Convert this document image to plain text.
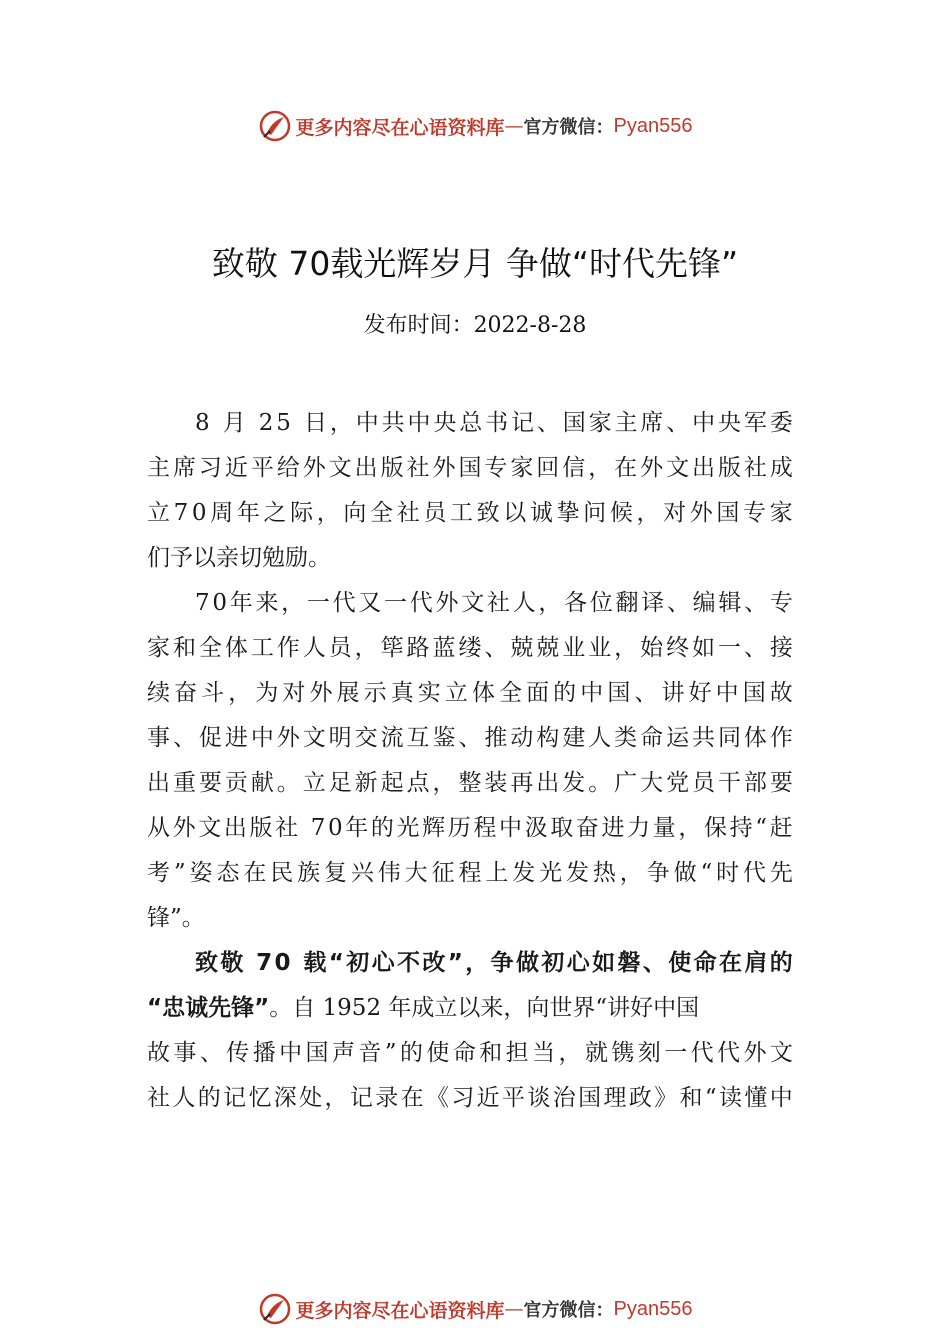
更多内容尽在心语资料库 — 官方微信： Pyan556
致敬 70载光辉岁月 争做“时代先锋”
发布时间：2022-8-28
8
月
2 5
日 ， 中 共 中 央 总 书 记 、 国 家 主 席 、 中 央 军 委
主 席 习 近 平 给 外 文 出 版 社 外 国 专 家 回 信 ， 在 外 文 出 版 社 成
立 7 0 周 年 之 际 ， 向 全 社 员 工 致 以 诚 挚 问 候 ， 对 外 国 专 家
们予以亲切勉励。
7 0 年 来 ， 一 代 又 一 代 外 文 社 人 ， 各 位 翻 译 、 编 辑 、 专
家 和 全 体 工 作 人 员 ， 筚 路 蓝 缕 、 兢 兢 业 业 ， 始 终 如 一 、 接
续 奋 斗 ， 为 对 外 展 示 真 实 立 体 全 面 的 中 国 、 讲 好 中 国 故
事 、 促 进 中 外 文 明 交 流 互 鉴 、 推 动 构 建 人 类 命 运 共 同 体 作
出 重 要 贡 献 。 立 足 新 起 点 ， 整 装 再 出 发 。 广 大 党 员 干 部 要
从 外 文 出 版 社
7 0 年 的 光 辉 历 程 中 汲 取 奋 进 力 量 ， 保 持 “ 赶
考 ” 姿 态 在 民 族 复 兴 伟 大 征 程 上 发 光 发 热 ， 争 做 “ 时 代 先
锋”。
致 敬
7 0
载 “ 初 心 不 改 ” ， 争 做 初 心 如 磐 、 使 命 在 肩 的
“忠诚先锋” 。自 1952 年成立以来，向世界“讲好中国
故 事 、 传 播 中 国 声 音 ” 的 使 命 和 担 当 ， 就 镌 刻 一 代 代 外 文
社 人 的 记 忆 深 处 ， 记 录 在 《 习 近 平 谈 治 国 理 政 》 和 “ 读 懂 中
更多内容尽在心语资料库 — 官方微信： Pyan556
